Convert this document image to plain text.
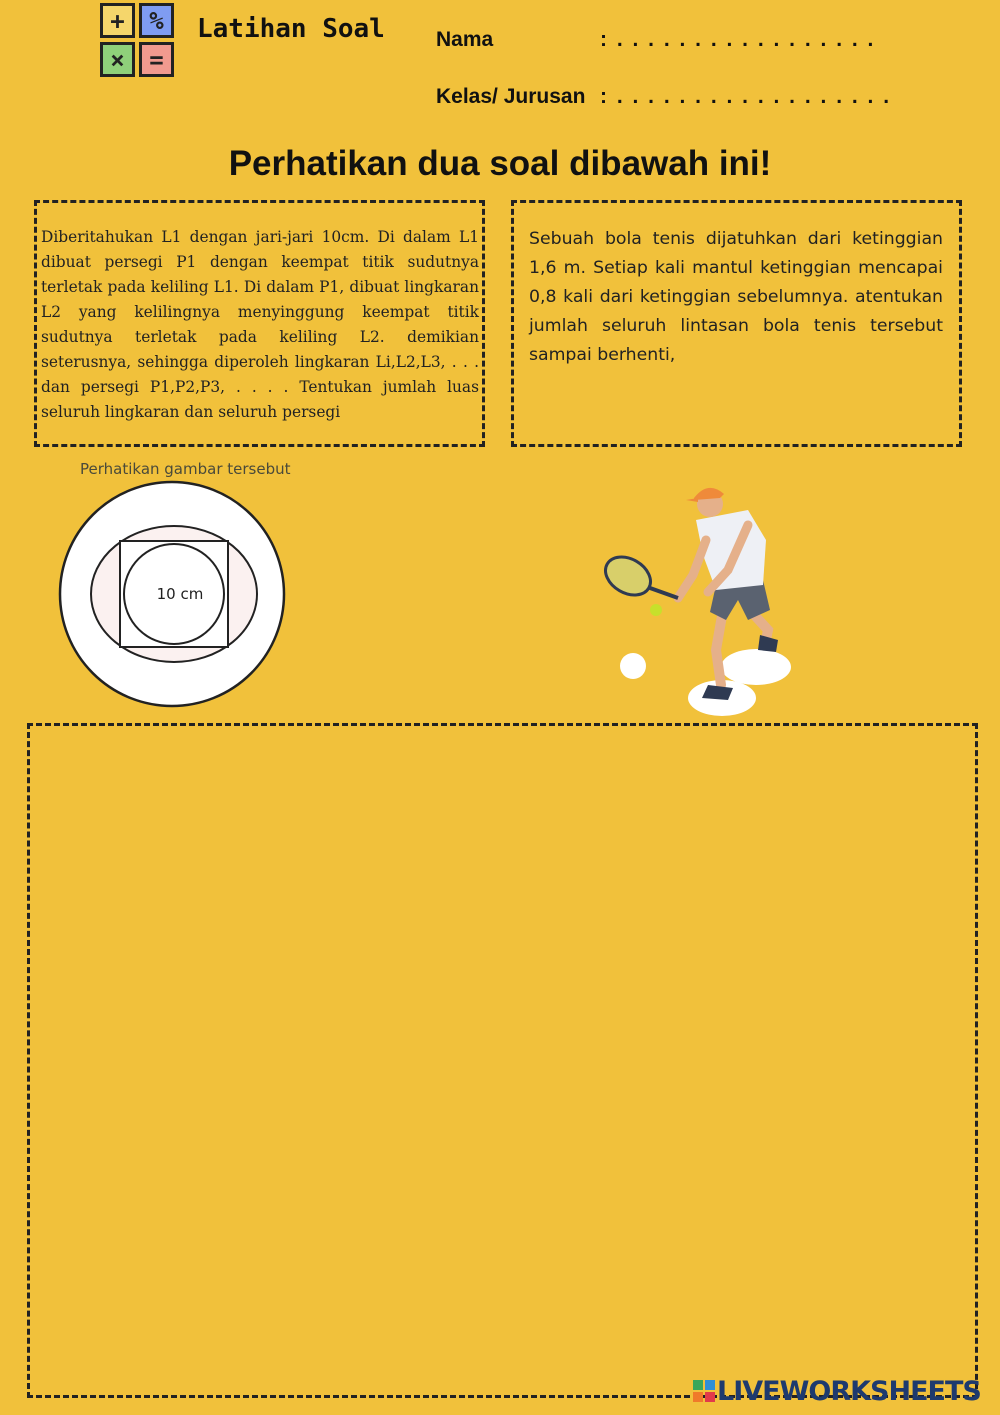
+	%
×	=
Latihan Soal Nama	: . . . . . . . . . . . . . . . . .
Kelas/ Jurusan : . . . . . . . . . . . . . . . . . .
Perhatikan dua soal dibawah ini!

Diberitahukan L1 dengan jari-jari 10cm. Di dalam L1 dibuat persegi P1 dengan keempat titik sudutnya terletak pada keliling L1. Di dalam P1, dibuat lingkaran L2 yang kelilingnya menyinggung keempat titik sudutnya terletak pada keliling L2. demikian seterusnya, sehingga diperoleh lingkaran Li,L2,L3, . . . dan persegi P1,P2,P3, . . . . Tentukan jumlah luas seluruh lingkaran dan seluruh persegi

Sebuah bola tenis dijatuhkan dari ketinggian 1,6 m. Setiap kali mantul ketinggian mencapai 0,8 kali dari ketinggian sebelumnya. atentukan jumlah seluruh lintasan bola tenis tersebut sampai berhenti,

Perhatikan gambar tersebut
10 cm
LIVEWORKSHEETS
